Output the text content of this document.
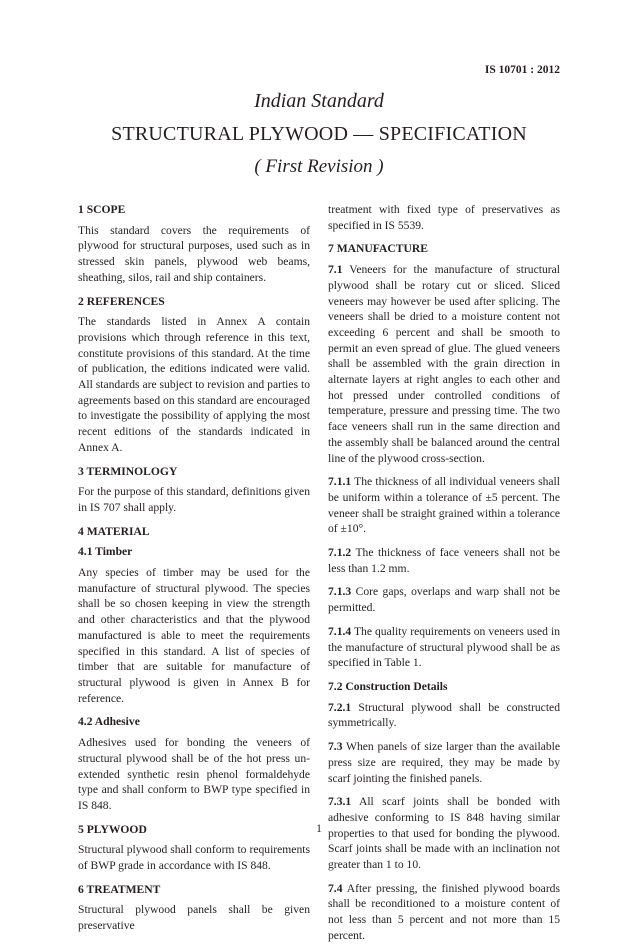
IS 10701 : 2012
Indian Standard
STRUCTURAL PLYWOOD — SPECIFICATION
( First Revision )
1 SCOPE

This standard covers the requirements of plywood for structural purposes, used such as in stressed skin panels, plywood web beams, sheathing, silos, rail and ship containers.

2 REFERENCES

The standards listed in Annex A contain provisions which through reference in this text, constitute provisions of this standard. At the time of publication, the editions indicated were valid. All standards are subject to revision and parties to agreements based on this standard are encouraged to investigate the possibility of applying the most recent editions of the standards indicated in Annex A.

3 TERMINOLOGY

For the purpose of this standard, definitions given in IS 707 shall apply.

4 MATERIAL
4.1 Timber

Any species of timber may be used for the manufacture of structural plywood. The species shall be so chosen keeping in view the strength and other characteristics and that the plywood manufactured is able to meet the requirements specified in this standard. A list of species of timber that are suitable for manufacture of structural plywood is given in Annex B for reference.

4.2 Adhesive

Adhesives used for bonding the veneers of structural plywood shall be of the hot press un-extended synthetic resin phenol formaldehyde type and shall conform to BWP type specified in IS 848.

5 PLYWOOD

Structural plywood shall conform to requirements of BWP grade in accordance with IS 848.

6 TREATMENT

Structural plywood panels shall be given preservative

treatment with fixed type of preservatives as specified in IS 5539.

7 MANUFACTURE

7.1 Veneers for the manufacture of structural plywood shall be rotary cut or sliced. Sliced veneers may however be used after splicing. The veneers shall be dried to a moisture content not exceeding 6 percent and shall be smooth to permit an even spread of glue. The glued veneers shall be assembled with the grain direction in alternate layers at right angles to each other and hot pressed under controlled conditions of temperature, pressure and pressing time. The two face veneers shall run in the same direction and the assembly shall be balanced around the central line of the plywood cross-section.

7.1.1 The thickness of all individual veneers shall be uniform within a tolerance of ±5 percent. The veneer shall be straight grained within a tolerance of ±10°.

7.1.2 The thickness of face veneers shall not be less than 1.2 mm.

7.1.3 Core gaps, overlaps and warp shall not be permitted.

7.1.4 The quality requirements on veneers used in the manufacture of structural plywood shall be as specified in Table 1.

7.2 Construction Details

7.2.1 Structural plywood shall be constructed symmetrically.

7.3 When panels of size larger than the available press size are required, they may be made by scarf jointing the finished panels.

7.3.1 All scarf joints shall be bonded with adhesive conforming to IS 848 having similar properties to that used for bonding the plywood. Scarf joints shall be made with an inclination not greater than 1 to 10.

7.4 After pressing, the finished plywood boards shall be reconditioned to a moisture content of not less than 5 percent and not more than 15 percent.

1
